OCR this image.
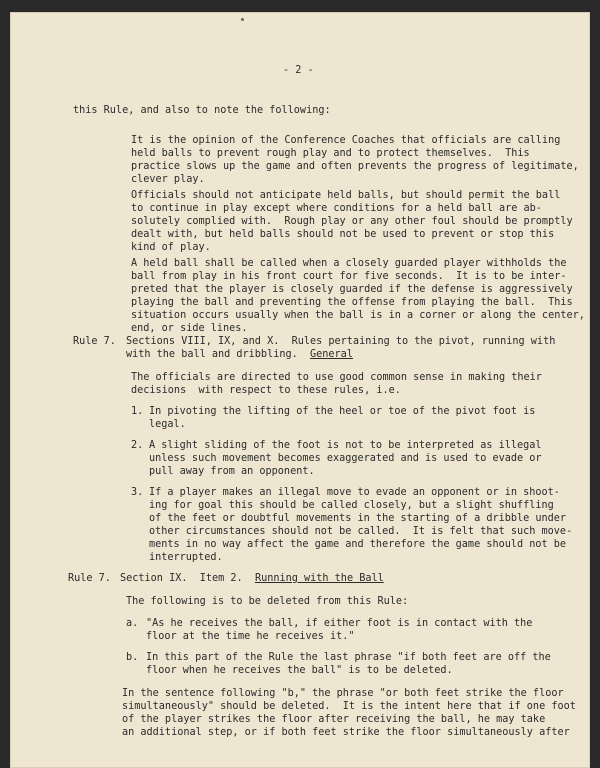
- 2 -
this Rule, and also to note the following:
It is the opinion of the Conference Coaches that officials are calling
held balls to prevent rough play and to protect themselves.  This
practice slows up the game and often prevents the progress of legitimate,
clever play.
Officials should not anticipate held balls, but should permit the ball
to continue in play except where conditions for a held ball are ab-
solutely complied with.  Rough play or any other foul should be promptly
dealt with, but held balls should not be used to prevent or stop this
kind of play.
A held ball shall be called when a closely guarded player withholds the
ball from play in his front court for five seconds.  It is to be inter-
preted that the player is closely guarded if the defense is aggressively
playing the ball and preventing the offense from playing the ball.  This
situation occurs usually when the ball is in a corner or along the center,
end, or side lines.
Rule 7. Sections VIII, IX, and X.  Rules pertaining to the pivot, running with
with the ball and dribbling.  General
The officials are directed to use good common sense in making their
decisions  with respect to these rules, i.e.
1. In pivoting the lifting of the heel or toe of the pivot foot is
legal.
2. A slight sliding of the foot is not to be interpreted as illegal
unless such movement becomes exaggerated and is used to evade or
pull away from an opponent.
3. If a player makes an illegal move to evade an opponent or in shoot-
ing for goal this should be called closely, but a slight shuffling
of the feet or doubtful movements in the starting of a dribble under
other circumstances should not be called.  It is felt that such move-
ments in no way affect the game and therefore the game should not be
interrupted.
Rule 7. Section IX.  Item 2.  Running with the Ball
The following is to be deleted from this Rule:
a. "As he receives the ball, if either foot is in contact with the
floor at the time he receives it."
b. In this part of the Rule the last phrase "if both feet are off the
floor when he receives the ball" is to be deleted.
In the sentence following "b," the phrase "or both feet strike the floor
simultaneously" should be deleted.  It is the intent here that if one foot
of the player strikes the floor after receiving the ball, he may take
an additional step, or if both feet strike the floor simultaneously after
